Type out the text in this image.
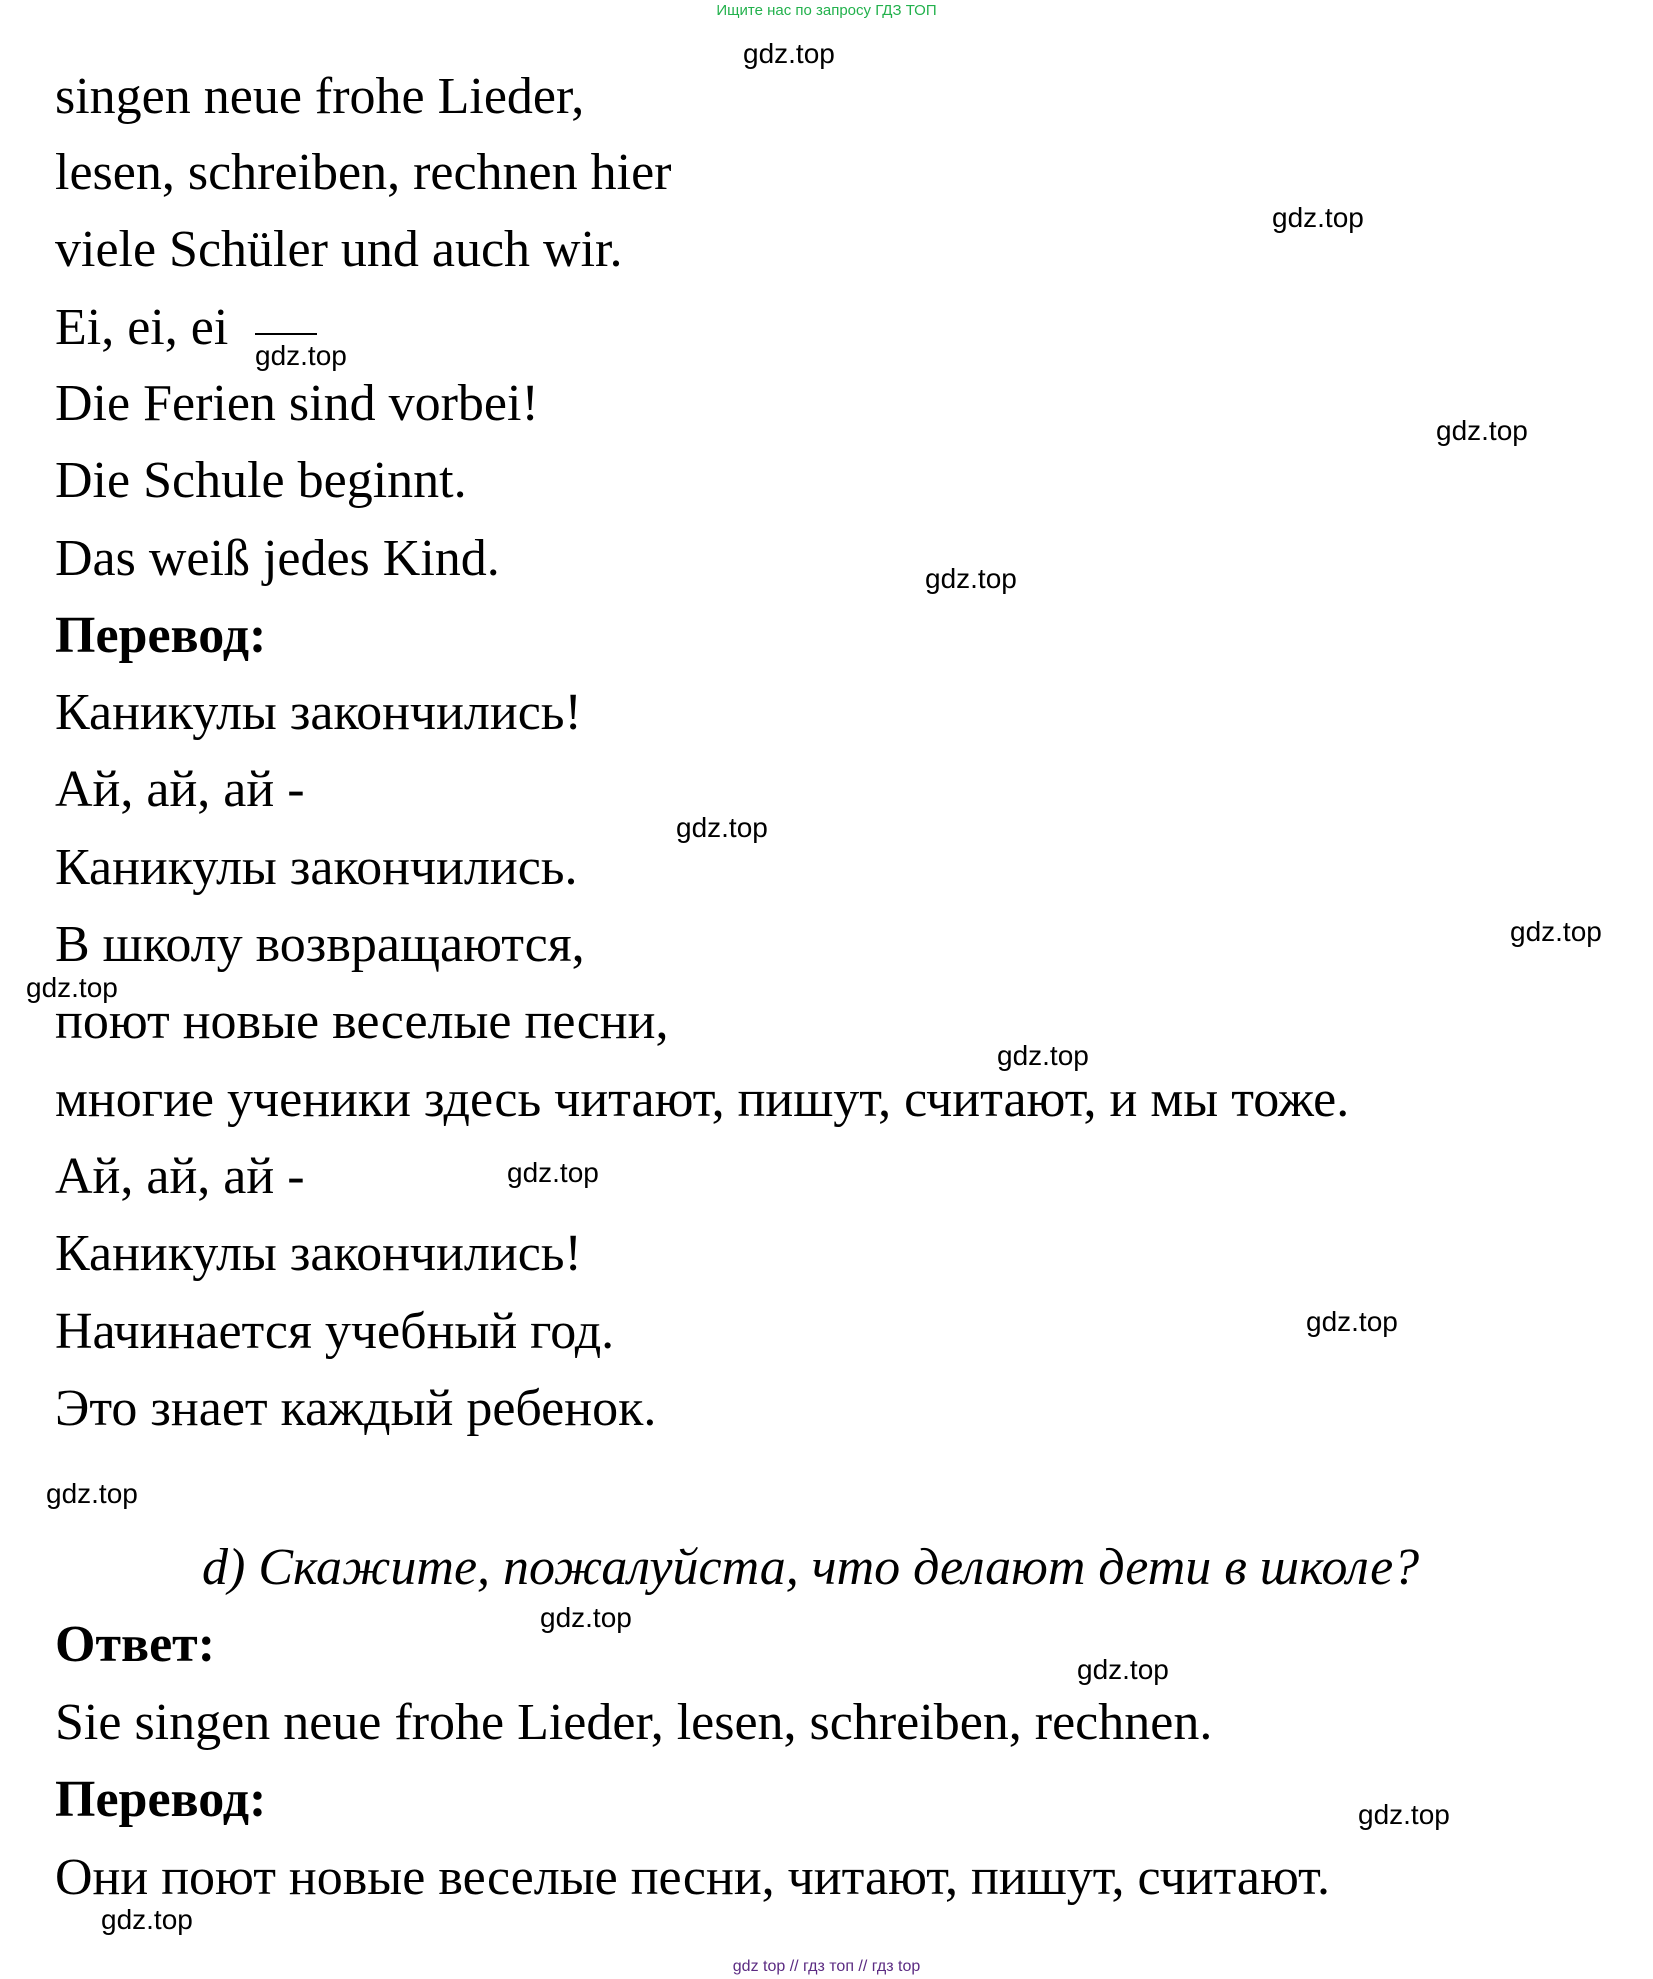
Ищите нас по запросу ГДЗ ТОП

singen neue frohe Lieder,

lesen, schreiben, rechnen hier

viele Schüler und auch wir.

Ei, ei, ei

Die Ferien sind vorbei!

Die Schule beginnt.

Das weiß jedes Kind.

Перевод:

Каникулы закончились!

Ай, ай, ай -

Каникулы закончились.

В школу возвращаются,

поют новые веселые песни,

многие ученики здесь читают, пишут, считают, и мы тоже.

Ай, ай, ай -

Каникулы закончились!

Начинается учебный год.

Это знает каждый ребенок.

d) Скажите, пожалуйста, что делают дети в школе?

Ответ:

Sie singen neue frohe Lieder, lesen, schreiben, rechnen.

Перевод:

Они поют новые веселые песни, читают, пишут, считают.

gdz.top

gdz.top

gdz.top

gdz.top

gdz.top

gdz.top

gdz.top

gdz.top

gdz.top

gdz.top

gdz.top

gdz.top

gdz.top

gdz.top

gdz.top

gdz.top

gdz top // гдз топ // гдз top
